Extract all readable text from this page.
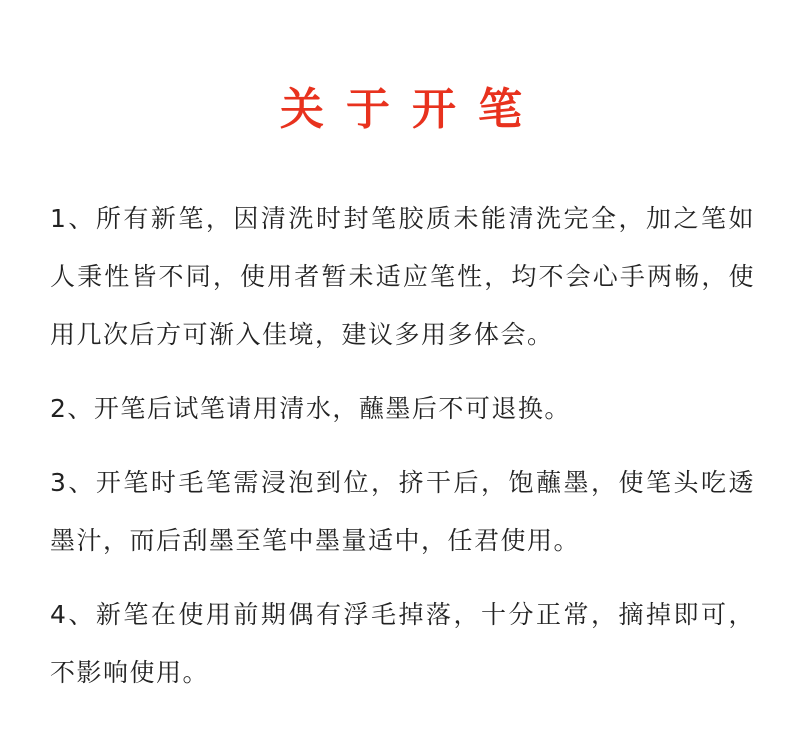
关于开笔

1、所有新笔，因清洗时封笔胶质未能清洗完全，加之笔如人秉性皆不同，使用者暂未适应笔性，均不会心手两畅，使用几次后方可渐入佳境，建议多用多体会。

2、开笔后试笔请用清水，蘸墨后不可退换。

3、开笔时毛笔需浸泡到位，挤干后，饱蘸墨，使笔头吃透墨汁，而后刮墨至笔中墨量适中，任君使用。

4、新笔在使用前期偶有浮毛掉落，十分正常，摘掉即可，不影响使用。
